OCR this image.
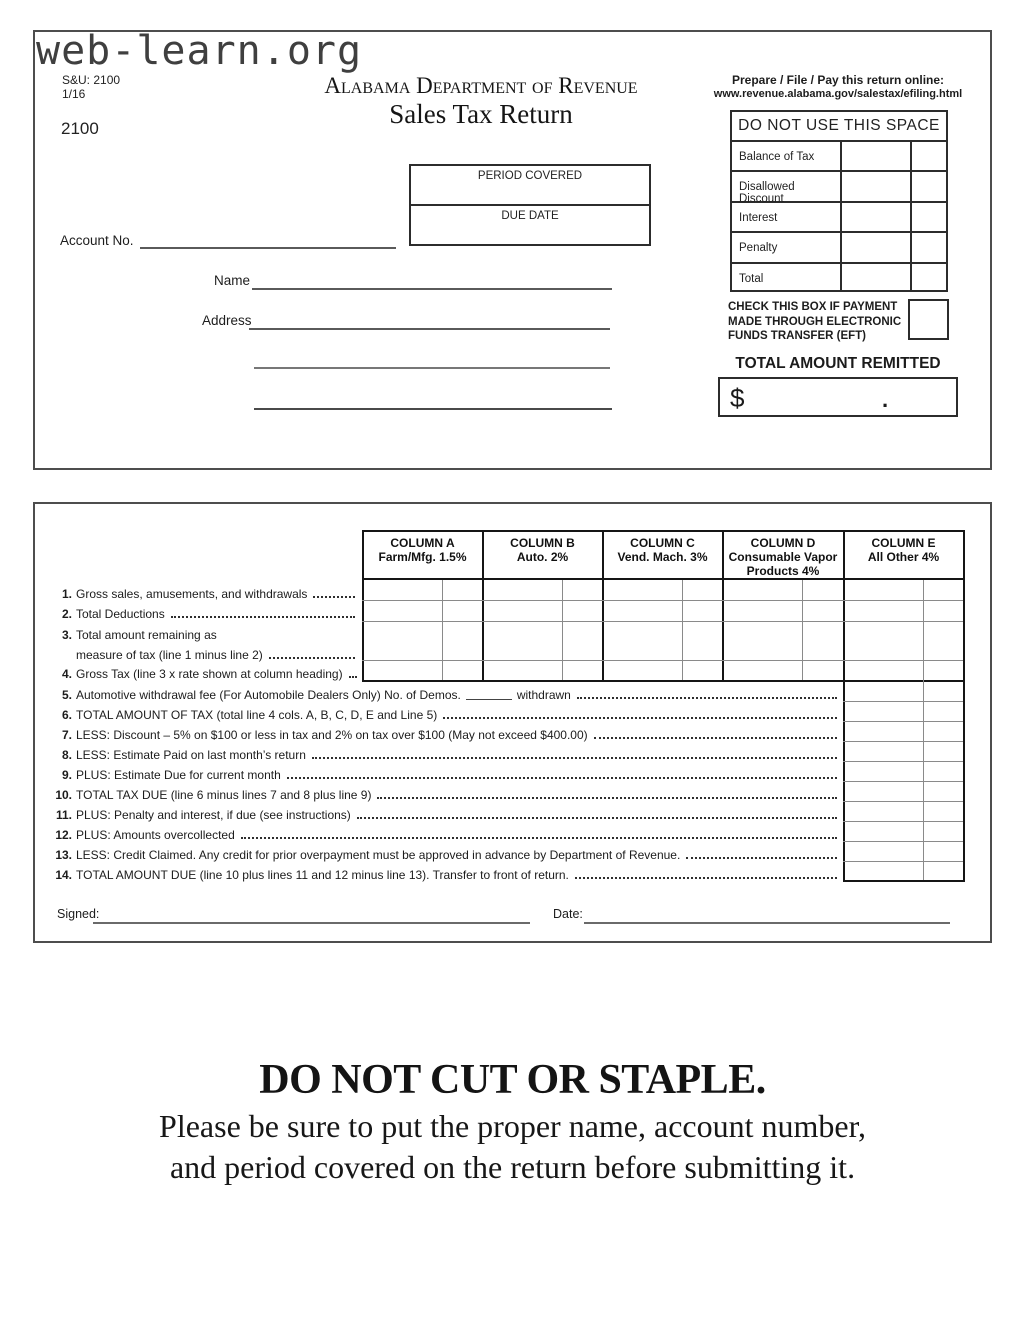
web-learn.org
S&U: 2100
1/16
2100
Alabama Department of Revenue
Sales Tax Return
Prepare / File / Pay this return online:
www.revenue.alabama.gov/salestax/efiling.html
DO NOT USE THIS SPACE
Balance of Tax
Disallowed Discount
Interest
Penalty
Total
CHECK THIS BOX IF PAYMENT MADE THROUGH ELECTRONIC FUNDS TRANSFER (EFT)
TOTAL AMOUNT REMITTED
$	.
PERIOD COVERED
DUE DATE
Account No.
Name
Address
COLUMN A
Farm/Mfg. 1.5%
COLUMN B
Auto. 2%
COLUMN C
Vend. Mach. 3%
COLUMN D
Consumable Vapor Products 4%
COLUMN E
All Other 4%
1. Gross sales, amusements, and withdrawals
2. Total Deductions
3. Total amount remaining as
measure of tax (line 1 minus line 2)
4. Gross Tax (line 3 x rate shown at column heading)
5. Automotive withdrawal fee (For Automobile Dealers Only) No. of Demos.	withdrawn
6. TOTAL AMOUNT OF TAX (total line 4 cols. A, B, C, D, E and Line 5)
7. LESS: Discount – 5% on $100 or less in tax and 2% on tax over $100 (May not exceed $400.00)
8. LESS: Estimate Paid on last month’s return
9. PLUS: Estimate Due for current month
10. TOTAL TAX DUE (line 6 minus lines 7 and 8 plus line 9)
11. PLUS: Penalty and interest, if due (see instructions)
12. PLUS: Amounts overcollected
13. LESS: Credit Claimed. Any credit for prior overpayment must be approved in advance by Department of Revenue.
14. TOTAL AMOUNT DUE (line 10 plus lines 11 and 12 minus line 13). Transfer to front of return.
Signed:	Date:
DO NOT CUT OR STAPLE.
Please be sure to put the proper name, account number,
and period covered on the return before submitting it.
